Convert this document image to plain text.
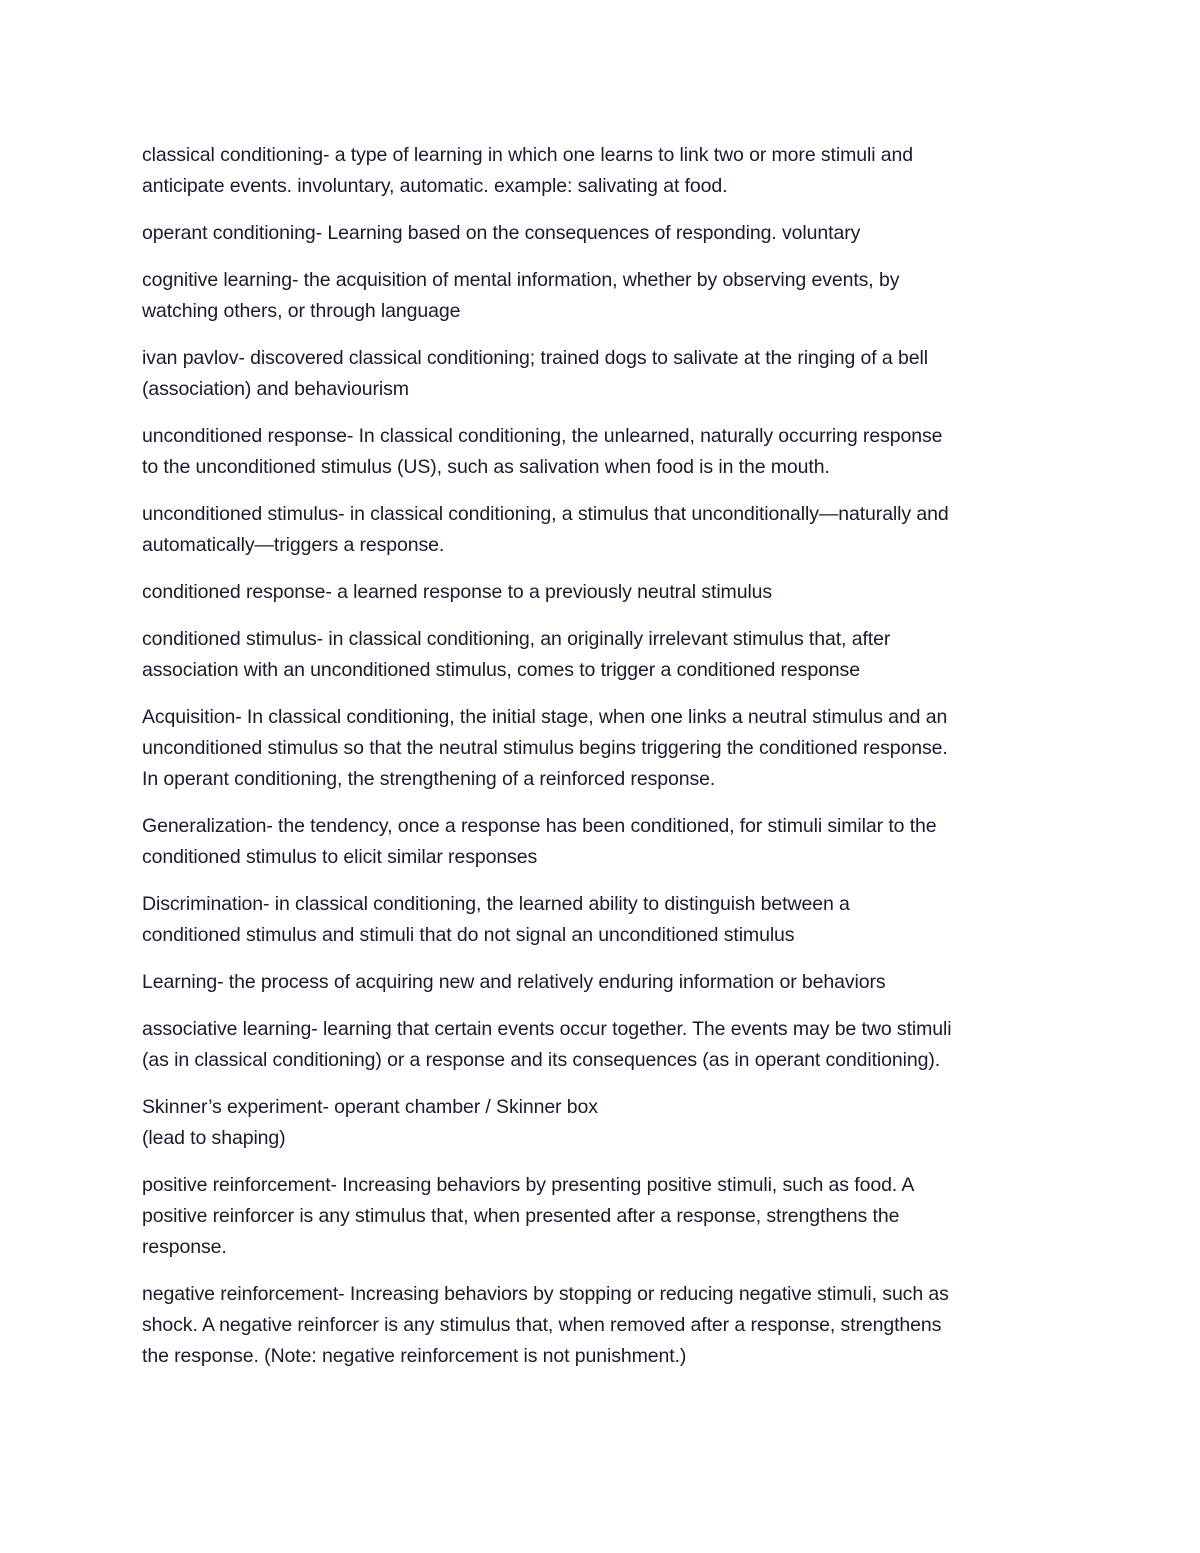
classical conditioning- a type of learning in which one learns to link two or more stimuli and
anticipate events. involuntary, automatic. example: salivating at food.

operant conditioning- Learning based on the consequences of responding. voluntary

cognitive learning- the acquisition of mental information, whether by observing events, by
watching others, or through language

ivan pavlov- discovered classical conditioning; trained dogs to salivate at the ringing of a bell
(association) and behaviourism

unconditioned response- In classical conditioning, the unlearned, naturally occurring response
to the unconditioned stimulus (US), such as salivation when food is in the mouth.

unconditioned stimulus- in classical conditioning, a stimulus that unconditionally—naturally and
automatically—triggers a response.

conditioned response- a learned response to a previously neutral stimulus

conditioned stimulus- in classical conditioning, an originally irrelevant stimulus that, after
association with an unconditioned stimulus, comes to trigger a conditioned response

Acquisition- In classical conditioning, the initial stage, when one links a neutral stimulus and an
unconditioned stimulus so that the neutral stimulus begins triggering the conditioned response.
In operant conditioning, the strengthening of a reinforced response.

Generalization- the tendency, once a response has been conditioned, for stimuli similar to the
conditioned stimulus to elicit similar responses

Discrimination- in classical conditioning, the learned ability to distinguish between a
conditioned stimulus and stimuli that do not signal an unconditioned stimulus

Learning- the process of acquiring new and relatively enduring information or behaviors

associative learning- learning that certain events occur together. The events may be two stimuli
(as in classical conditioning) or a response and its consequences (as in operant conditioning).

Skinner’s experiment- operant chamber / Skinner box
(lead to shaping)

positive reinforcement- Increasing behaviors by presenting positive stimuli, such as food. A
positive reinforcer is any stimulus that, when presented after a response, strengthens the
response.

negative reinforcement- Increasing behaviors by stopping or reducing negative stimuli, such as
shock. A negative reinforcer is any stimulus that, when removed after a response, strengthens
the response. (Note: negative reinforcement is not punishment.)
